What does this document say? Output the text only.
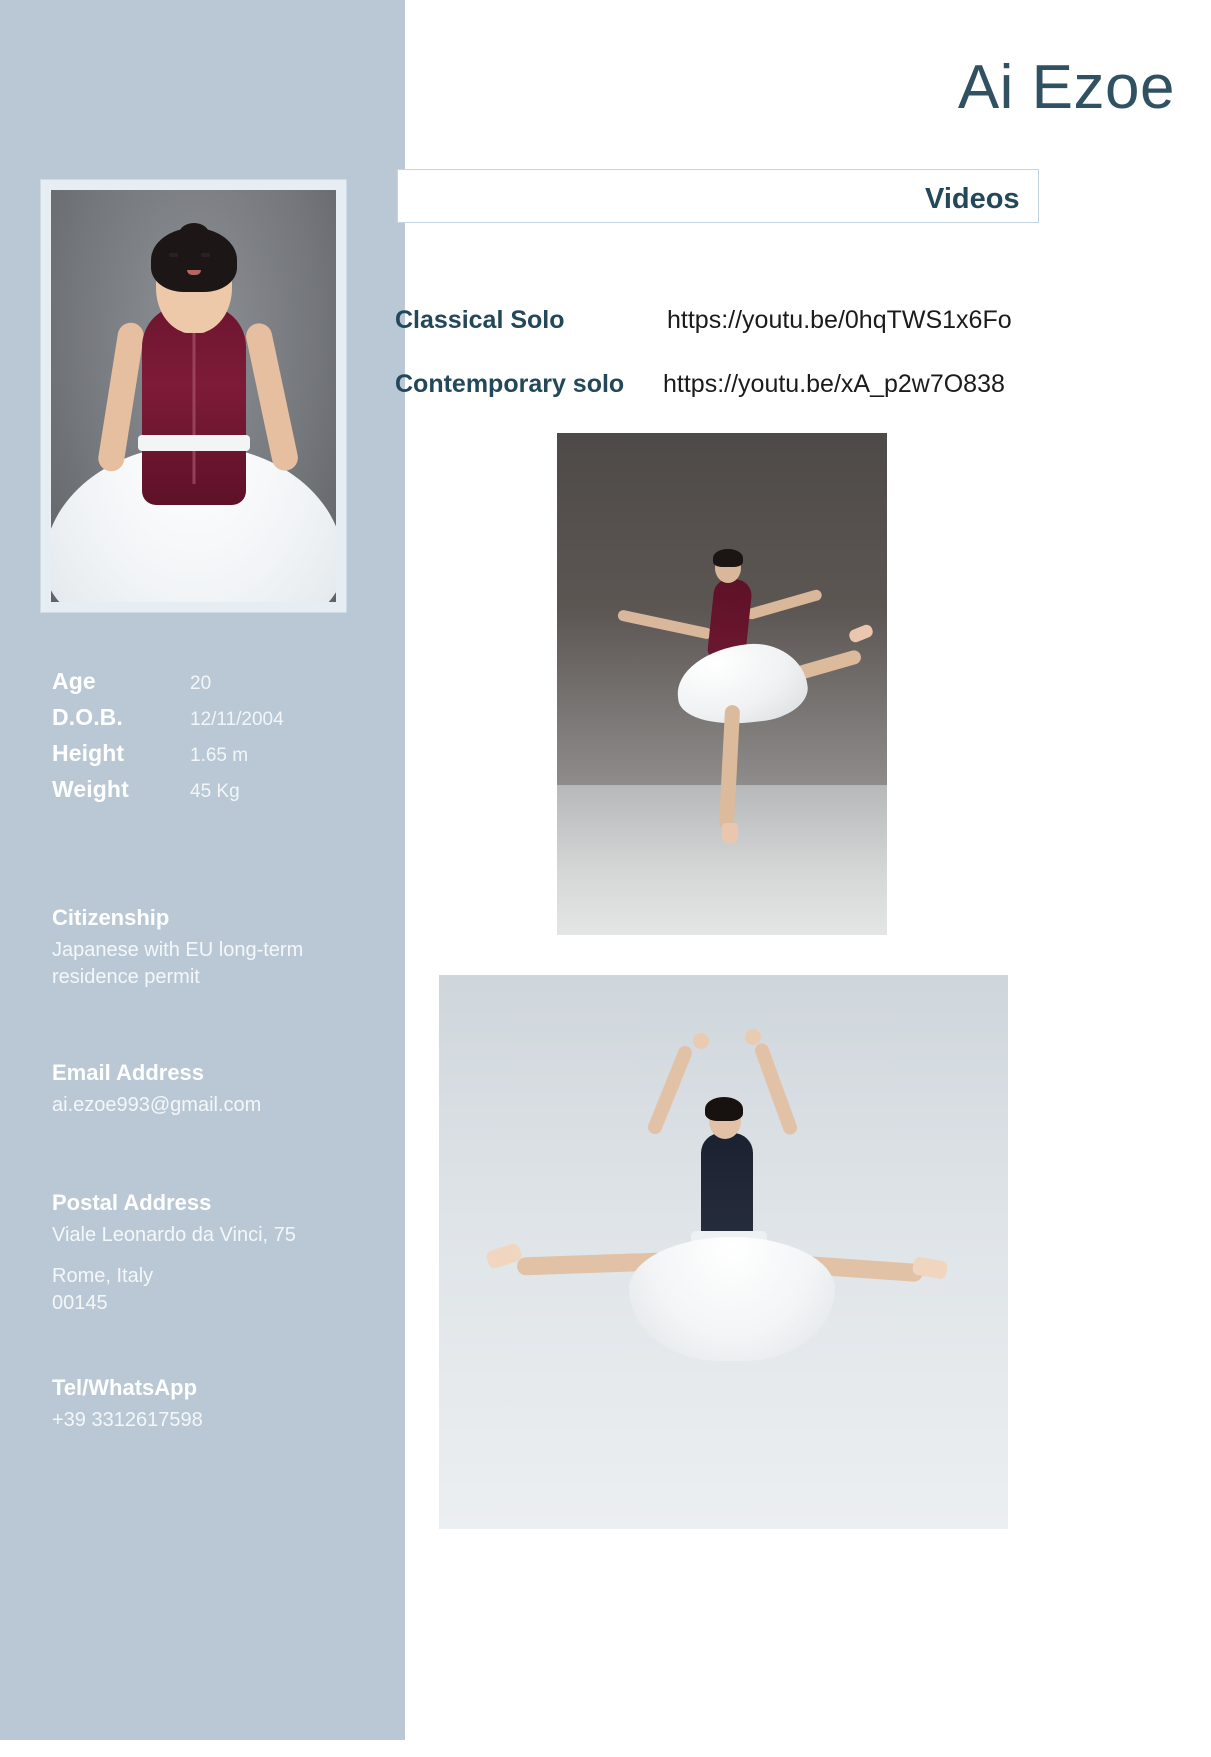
Age	20
D.O.B.	12/11/2004
Height	1.65 m
Weight	45 Kg
Citizenship
Japanese with EU long-term residence permit
Email Address
ai.ezoe993@gmail.com
Postal Address
Viale Leonardo da Vinci, 75
Rome, Italy
00145
Tel/WhatsApp
+39 3312617598
Ai Ezoe
Videos
Classical Solo	https://youtu.be/0hqTWS1x6Fo
Contemporary solo	https://youtu.be/xA_p2w7O838
